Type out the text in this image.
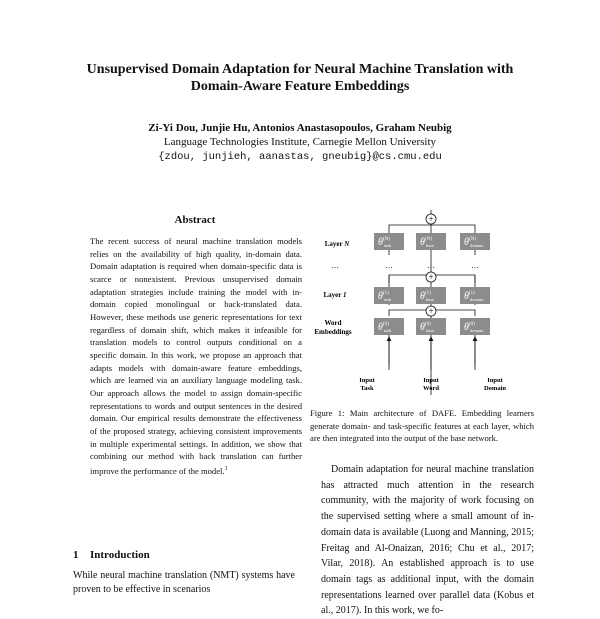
Unsupervised Domain Adaptation for Neural Machine Translation with
Domain-Aware Feature Embeddings
Zi-Yi Dou, Junjie Hu, Antonios Anastasopoulos, Graham Neubig
Language Technologies Institute, Carnegie Mellon University
{zdou, junjieh, aanastas, gneubig}@cs.cmu.edu
Abstract
The recent success of neural machine translation models relies on the availability of high quality, in-domain data. Domain adaptation is required when domain-specific data is scarce or nonexistent. Previous unsupervised domain adaptation strategies include training the model with in-domain copied monolingual or back-translated data. However, these methods use generic representations for text regardless of domain shift, which makes it infeasible for translation models to control outputs conditional on a specific domain. In this work, we propose an approach that adapts models with domain-aware feature embeddings, which are learned via an auxiliary language modeling task. Our approach allows the model to assign domain-specific representations to words and output sentences in the desired domain. Our empirical results demonstrate the effectiveness of the proposed strategy, achieving consistent improvements in multiple experimental settings. In addition, we show that combining our method with back translation can further improve the performance of the model.$^1$
1 Introduction
While neural machine translation (NMT) systems have proven to be effective in scenarios
Layer N
…
Layer 1
Word
Embeddings
…	…	…
+
+
+
$\theta^{(N)}$
task	$\theta^{(N)}$
base	$\theta^{(N)}$
domain
$\theta^{(1)}$
task	$\theta^{(1)}$
base	$\theta^{(1)}$
domain
$\theta^{(0)}$
task	$\theta^{(0)}$
base	$\theta^{(0)}$
domain
Input
Task
Input
Word
Input
Domain
Figure 1: Main architecture of DAFE. Embedding learners generate domain- and task-specific features at each layer, which are then integrated into the output of the base network.

 Domain adaptation for neural machine translation has attracted much attention in the research community, with the majority of work focusing on the supervised setting where a small amount of in-domain data is available (Luong and Manning, 2015; Freitag and Al-Onaizan, 2016; Chu et al., 2017; Vilar, 2018). An established approach is to use domain tags as additional input, with the domain representations learned over parallel data (Kobus et al., 2017). In this work, we fo-
